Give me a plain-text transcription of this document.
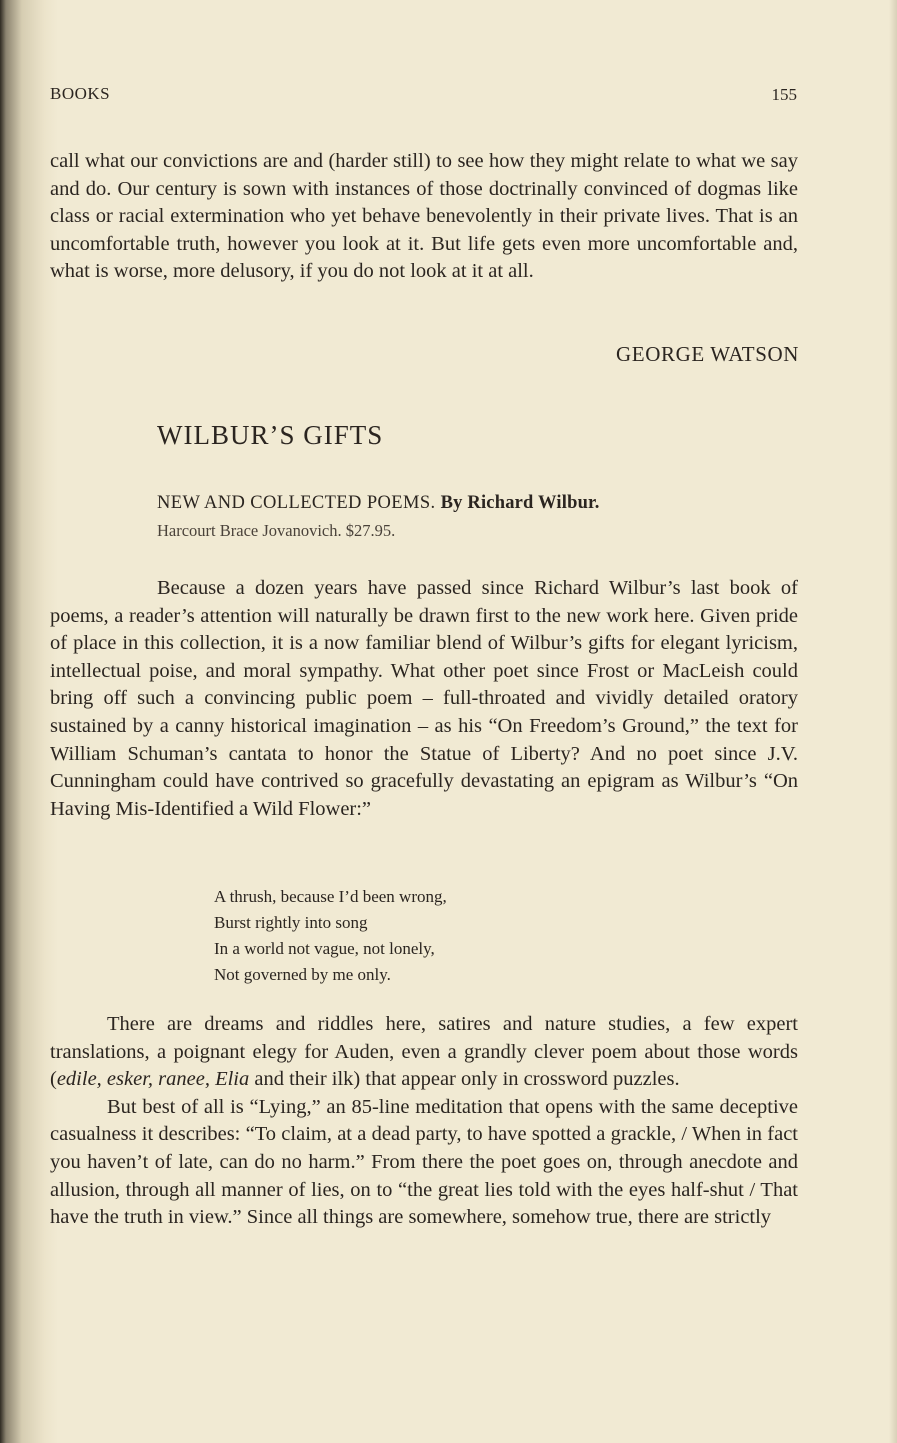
BOOKS	155

call what our convictions are and (harder still) to see how they might relate to what we say and do. Our century is sown with instances of those doctrinally convinced of dogmas like class or racial extermination who yet behave benevolently in their private lives. That is an uncomfortable truth, however you look at it. But life gets even more uncomfortable and, what is worse, more delusory, if you do not look at it at all.

GEORGE WATSON
WILBUR’S GIFTS
NEW AND COLLECTED POEMS. By Richard Wilbur.
Harcourt Brace Jovanovich. $27.95.

Because a dozen years have passed since Richard Wilbur’s last book of poems, a reader’s attention will naturally be drawn first to the new work here. Given pride of place in this collection, it is a now familiar blend of Wilbur’s gifts for elegant lyricism, intellectual poise, and moral sympathy. What other poet since Frost or MacLeish could bring off such a convincing public poem – full-throated and vividly detailed oratory sustained by a canny historical imagination – as his “On Freedom’s Ground,” the text for William Schuman’s cantata to honor the Statue of Liberty? And no poet since J.V. Cunningham could have contrived so gracefully devastating an epigram as Wilbur’s “On Having Mis-Identified a Wild Flower:”

A thrush, because I’d been wrong,
Burst rightly into song
In a world not vague, not lonely,
Not governed by me only.

There are dreams and riddles here, satires and nature studies, a few expert translations, a poignant elegy for Auden, even a grandly clever poem about those words (edile, esker, ranee, Elia and their ilk) that appear only in crossword puzzles.

But best of all is “Lying,” an 85-line meditation that opens with the same deceptive casualness it describes: “To claim, at a dead party, to have spotted a grackle, / When in fact you haven’t of late, can do no harm.” From there the poet goes on, through anecdote and allusion, through all manner of lies, on to “the great lies told with the eyes half-shut / That have the truth in view.” Since all things are somewhere, somehow true, there are strictly
